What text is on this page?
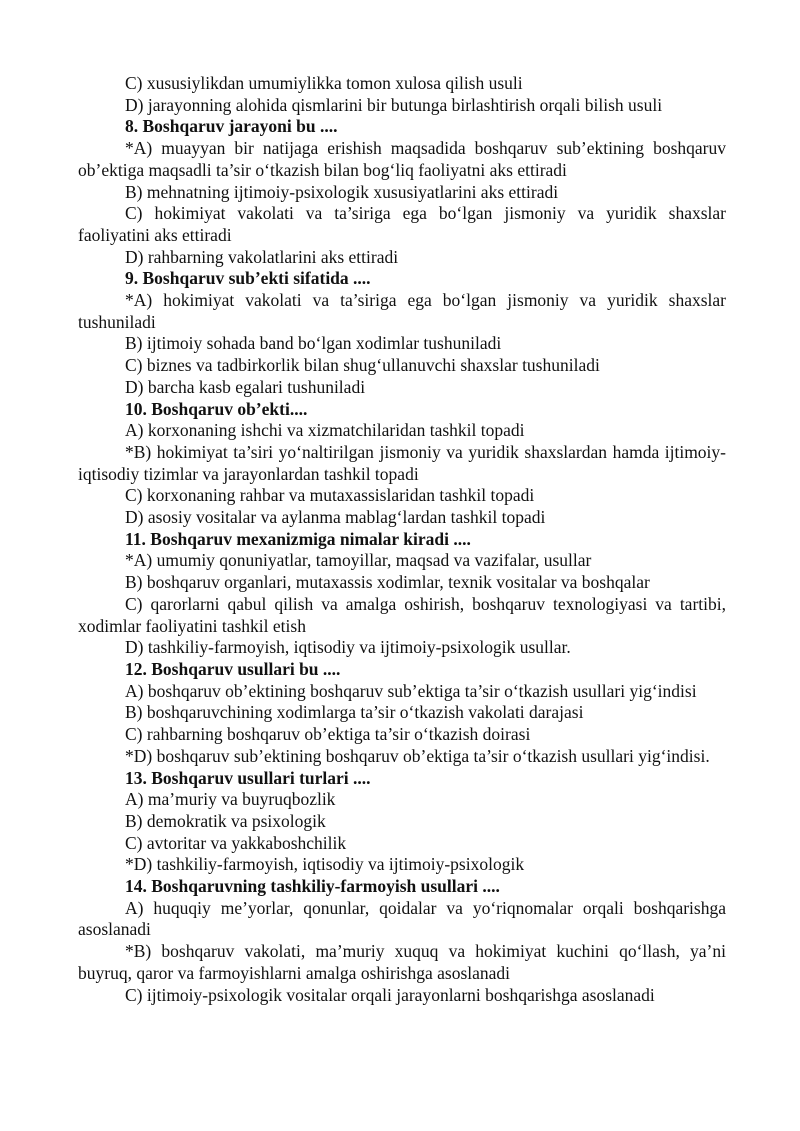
C) xususiylikdan umumiylikka tomon xulosa qilish usuli

D) jarayonning alohida qismlarini bir butunga birlashtirish orqali bilish usuli

8. Boshqaruv jarayoni bu ....

*A) muayyan bir natijaga erishish maqsadida boshqaruv sub’ektining boshqaruv ob’ektiga maqsadli ta’sir o‘tkazish bilan bog‘liq faoliyatni aks ettiradi

B) mehnatning ijtimoiy-psixologik xususiyatlarini aks ettiradi

C) hokimiyat vakolati va ta’siriga ega bo‘lgan jismoniy va yuridik shaxslar faoliyatini aks ettiradi

D) rahbarning vakolatlarini aks ettiradi

9. Boshqaruv sub’ekti sifatida ....

*A) hokimiyat vakolati va ta’siriga ega bo‘lgan jismoniy va yuridik shaxslar tushuniladi

B) ijtimoiy sohada band bo‘lgan xodimlar tushuniladi

C) biznes va tadbirkorlik bilan shug‘ullanuvchi shaxslar tushuniladi

D) barcha kasb egalari tushuniladi

10. Boshqaruv ob’ekti....

A) korxonaning ishchi va xizmatchilaridan tashkil topadi

*B) hokimiyat ta’siri yo‘naltirilgan jismoniy va yuridik shaxslardan hamda ijtimoiy-iqtisodiy tizimlar va jarayonlardan tashkil topadi

C) korxonaning rahbar va mutaxassislaridan tashkil topadi

D) asosiy vositalar va aylanma mablag‘lardan tashkil topadi

11. Boshqaruv mexanizmiga nimalar kiradi ....

*A) umumiy qonuniyatlar, tamoyillar, maqsad va vazifalar, usullar

B) boshqaruv organlari, mutaxassis xodimlar, texnik vositalar va boshqalar

C) qarorlarni qabul qilish va amalga oshirish, boshqaruv texnologiyasi va tartibi, xodimlar faoliyatini tashkil etish

D) tashkiliy-farmoyish, iqtisodiy va ijtimoiy-psixologik usullar.

12. Boshqaruv usullari bu ....

A) boshqaruv ob’ektining boshqaruv sub’ektiga ta’sir o‘tkazish usullari yig‘indisi

B) boshqaruvchining xodimlarga ta’sir o‘tkazish vakolati darajasi

C) rahbarning boshqaruv ob’ektiga ta’sir o‘tkazish doirasi

*D) boshqaruv sub’ektining boshqaruv ob’ektiga ta’sir o‘tkazish usullari yig‘indisi.

13. Boshqaruv usullari turlari ....

A) ma’muriy va buyruqbozlik

B) demokratik va psixologik

C) avtoritar va yakkaboshchilik

*D) tashkiliy-farmoyish, iqtisodiy va ijtimoiy-psixologik

14. Boshqaruvning tashkiliy-farmoyish usullari ....

A) huquqiy me’yorlar, qonunlar, qoidalar va yo‘riqnomalar orqali boshqarishga asoslanadi

*B) boshqaruv vakolati, ma’muriy xuquq va hokimiyat kuchini qo‘llash, ya’ni buyruq, qaror va farmoyishlarni amalga oshirishga asoslanadi

C) ijtimoiy-psixologik vositalar orqali jarayonlarni boshqarishga asoslanadi
